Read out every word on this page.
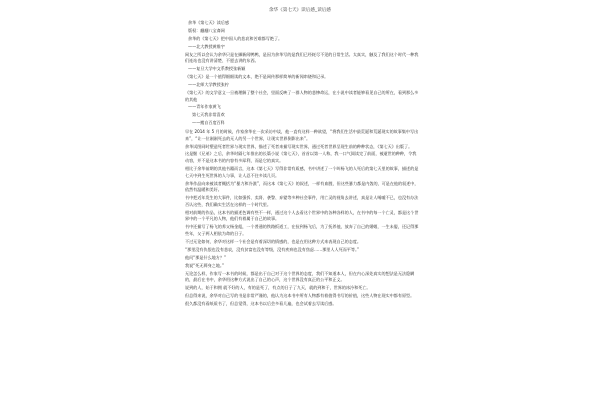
余华《第七天》读后感_读后感
余华《第七天》读后感
版权：翻翻八宝斋网
余华的《第七天》把中国人的悲哀和苦难都写绝了。
——北大教授黄维宇
网友之所以会认为余华只是在撷新闻鸭鸭，是因为余华写的是我们已经耗尽不见的日常生活。太真实，触及了我们这个时代一种我们连站也没有讲清楚、不愿去讲的东西。
——复旦大学中文系教授张新颖
《第七天》是一个值得细细读的文本，绝不是网传那样简单的新闻串烧和记录。
——北师大学教授张柠
《第七天》的文学意义一旦被理解了整个社会，里面反映了一群人物的悲惨命运，在小说中读者能够看见自己的所在，看到那么多的其他
——青年作家黄飞
第七天我非常喜欢
——搬自百度百科
早在 2014 年 5 月的时候，作家余华在一次采访中谈，他一直有这样一种欲望，“将我们生活中最荒诞和荒诞现实的故事集中写出来”，“让一位刚刚死去的无人的另一个世界，让现实世界倒影出来”。
余华试图同时塑造死者世界与现实世界，描述了死者来描写现实世界，通过死者世界呈现生前的种种状态，《第七天》出版了。
这是继《兄弟》之后，余华时隔七年推出的长篇小说《第七天》，首首以第一人称，我一口气阅读完了前面，被逝世的种种，令我动容，并不是这本书的内容有多犀利，而是它的真实。
相比于余华前期的其他书籍而言，这本《第七天》写得非常有质感，书中讲述了一个叫杨飞的人死后的第七天里的故事，描述的是七天中到生死世界的人与事，让人忍不住多读几页。
余华作品向来被读者概括为“暴力和冷漠”，而这本《第七天》的叙述，一样有血腥，但这些暴力都是内敛的，可是在他的叙述中，依然有温暖和美好。
书中把近年发生的大事件，比如强拆、卖肾、袭警、弃婴等多种社会事件，用亡灵的视角去讲述，真是让人唏嘘不已，也没有办法否认这些，我们确实生活在这样的一个时代里。
相对前期的作品，这本书的描述色调有些不一样，通过这个人去看这个世界中的各种各样的人，在书中的每一个亡灵，都是这个世界中的一个平凡的人物，他们有着属于自己的故事。
书中还描写了杨飞的养父杨金彪，一个普通的铁路扳道工，在捡到杨飞后，为了抚养他，放弃了自己的婚姻，一生未娶，还记得那些年，父子两人相依为命的日子。
不过无论如何，余华对这样一个社会是有着深切的情感的，也是在用这种方式来表现自己的态度。
“那里没有仇恨也没有悲哀，没有贫富也没有等级，没有疾病也没有焦虑……那里人人死而平等。”
他问“那是什么地方？”
我说“死无葬身之地。”
无论怎么样，作家写一本书的时候，都是出于自己对于这个世界的态度，我们不知道本人，但在内心深处真实的想法是无法隐瞒的，最后在书中，余华用这种方式说出了自己的心声，这个世界没有真正的公平和正义。
说到的人，始于和拥 就不好的人，有的是死了，有点的日子了九天，就的到和于，世界的冰冷和死亡。
但总得来说，余华对自己写的书是非常严谨的，他认为这本书中所有人物都有着值得书写的价值，这些人物在现实中都有原型。
很久都没有看纸质书了，但总觉得，这本书以后会多看几遍，也会试着去写读后感。
